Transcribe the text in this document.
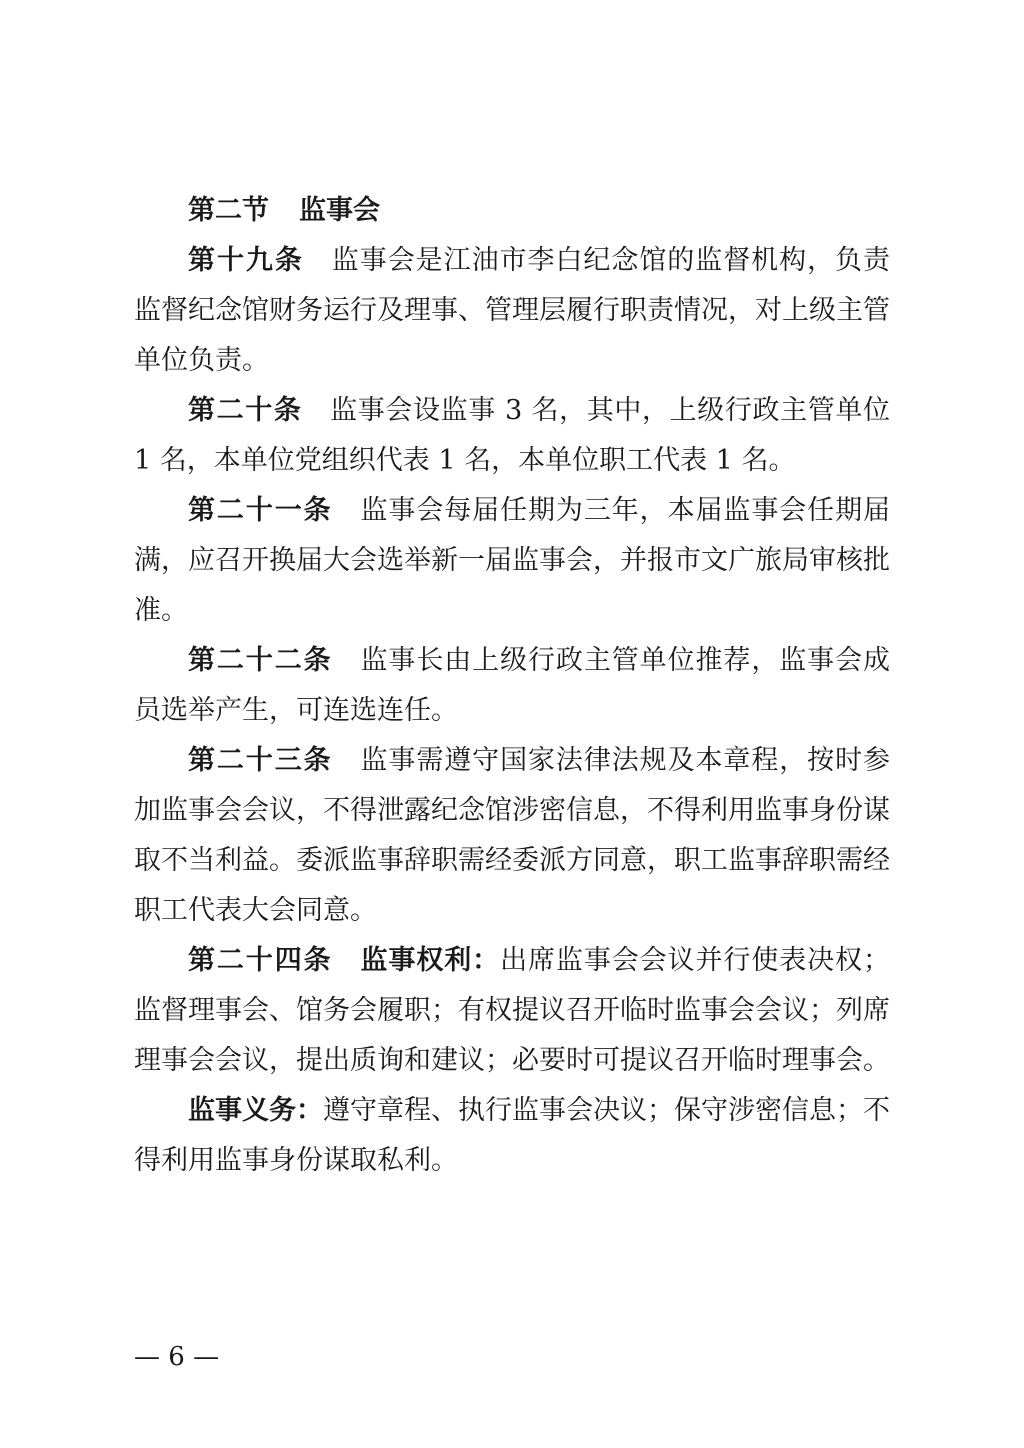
第二节 监事会

第十九条 监事会是江油市李白纪念馆的监督机构，负责监督纪念馆财务运行及理事、管理层履行职责情况，对上级主管单位负责。

第二十条 监事会设监事 3 名，其中，上级行政主管单位 1 名，本单位党组织代表 1 名，本单位职工代表 1 名。

第二十一条 监事会每届任期为三年，本届监事会任期届满，应召开换届大会选举新一届监事会，并报市文广旅局审核批准。

第二十二条 监事长由上级行政主管单位推荐，监事会成员选举产生，可连选连任。

第二十三条 监事需遵守国家法律法规及本章程，按时参加监事会会议，不得泄露纪念馆涉密信息，不得利用监事身份谋取不当利益。委派监事辞职需经委派方同意，职工监事辞职需经职工代表大会同意。

第二十四条 监事权利：出席监事会会议并行使表决权；监督理事会、馆务会履职；有权提议召开临时监事会会议；列席理事会会议，提出质询和建议；必要时可提议召开临时理事会。

监事义务：遵守章程、执行监事会决议；保守涉密信息；不得利用监事身份谋取私利。

— 6 —
